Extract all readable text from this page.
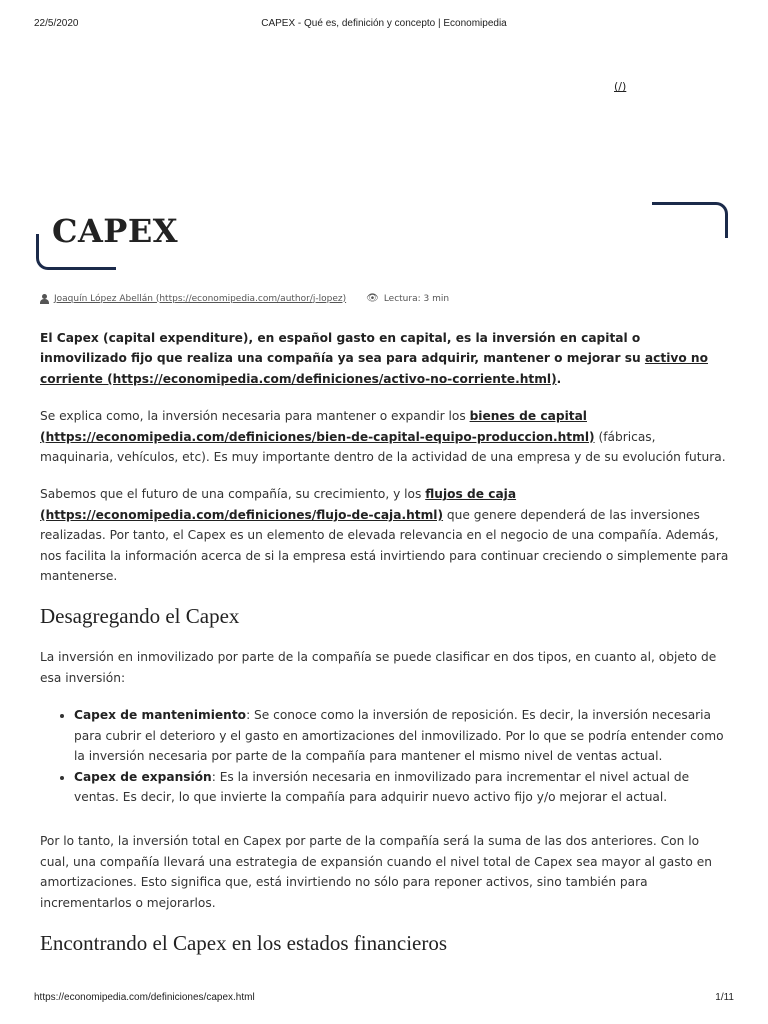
22/5/2020	CAPEX - Qué es, definición y concepto | Economipedia
(/)
CAPEX
Joaquín López Abellán (https://economipedia.com/author/j-lopez) 👁 Lectura: 3 min

El Capex (capital expenditure), en español gasto en capital, es la inversión en capital o inmovilizado fijo que realiza una compañía ya sea para adquirir, mantener o mejorar su activo no corriente (https://economipedia.com/definiciones/activo-no-corriente.html).

Se explica como, la inversión necesaria para mantener o expandir los bienes de capital (https://economipedia.com/definiciones/bien-de-capital-equipo-produccion.html) (fábricas, maquinaria, vehículos, etc). Es muy importante dentro de la actividad de una empresa y de su evolución futura.

Sabemos que el futuro de una compañía, su crecimiento, y los flujos de caja (https://economipedia.com/definiciones/flujo-de-caja.html) que genere dependerá de las inversiones realizadas. Por tanto, el Capex es un elemento de elevada relevancia en el negocio de una compañía. Además, nos facilita la información acerca de si la empresa está invirtiendo para continuar creciendo o simplemente para mantenerse.

Desagregando el Capex

La inversión en inmovilizado por parte de la compañía se puede clasificar en dos tipos, en cuanto al, objeto de esa inversión:

• Capex de mantenimiento: Se conoce como la inversión de reposición. Es decir, la inversión necesaria para cubrir el deterioro y el gasto en amortizaciones del inmovilizado. Por lo que se podría entender como la inversión necesaria por parte de la compañía para mantener el mismo nivel de ventas actual.
• Capex de expansión: Es la inversión necesaria en inmovilizado para incrementar el nivel actual de ventas. Es decir, lo que invierte la compañía para adquirir nuevo activo fijo y/o mejorar el actual.

Por lo tanto, la inversión total en Capex por parte de la compañía será la suma de las dos anteriores. Con lo cual, una compañía llevará una estrategia de expansión cuando el nivel total de Capex sea mayor al gasto en amortizaciones. Esto significa que, está invirtiendo no sólo para reponer activos, sino también para incrementarlos o mejorarlos.

Encontrando el Capex en los estados financieros
https://economipedia.com/definiciones/capex.html	1/11
